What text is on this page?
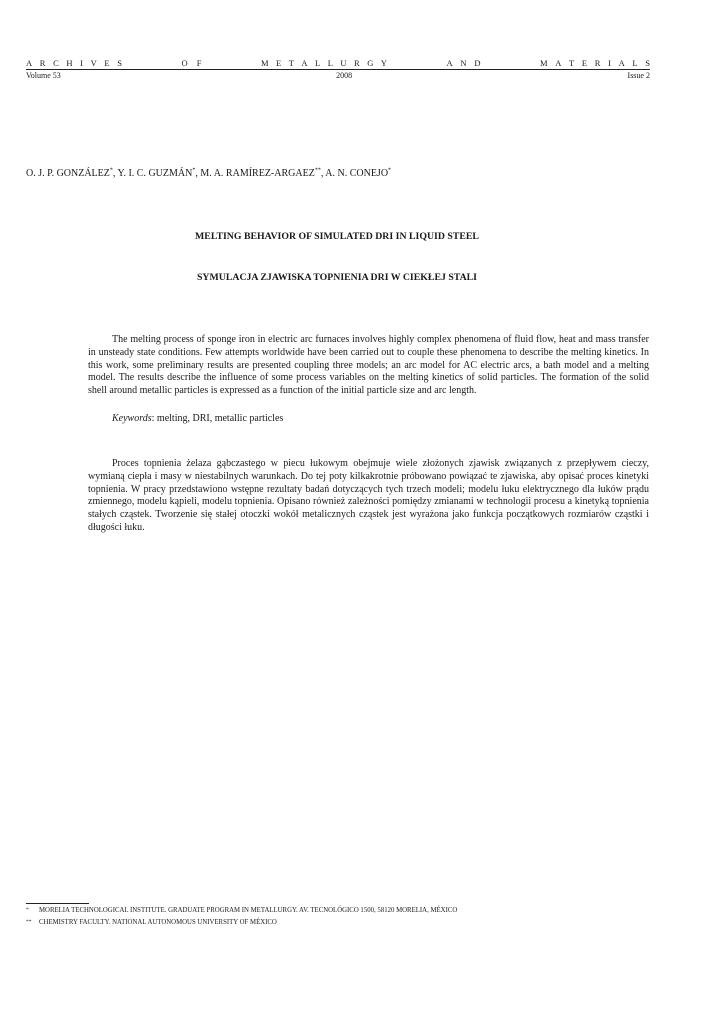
A R C H I V E S	O F	M E T A L L U R G Y	A N D	M A T E R I A L S
Volume 53	2008	Issue 2
O. J. P. GONZÁLEZ*, Y. I. C. GUZMÁN*, M. A. RAMÍREZ-ARGAEZ**, A. N. CONEJO*
MELTING BEHAVIOR OF SIMULATED DRI IN LIQUID STEEL
SYMULACJA ZJAWISKA TOPNIENIA DRI W CIEKŁEJ STALI

The melting process of sponge iron in electric arc furnaces involves highly complex phenomena of fluid flow, heat and mass transfer in unsteady state conditions. Few attempts worldwide have been carried out to couple these phenomena to describe the melting kinetics. In this work, some preliminary results are presented coupling three models; an arc model for AC electric arcs, a bath model and a melting model. The results describe the influence of some process variables on the melting kinetics of solid particles. The formation of the solid shell around metallic particles is expressed as a function of the initial particle size and arc length.

Keywords: melting, DRI, metallic particles

Proces topnienia żelaza gąbczastego w piecu łukowym obejmuje wiele złożonych zjawisk związanych z przepływem cieczy, wymianą ciepła i masy w niestabilnych warunkach. Do tej poty kilkakrotnie próbowano powiązać te zjawiska, aby opisać proces kinetyki topnienia. W pracy przedstawiono wstępne rezultaty badań dotyczących tych trzech modeli; modelu łuku elektrycznego dla łuków prądu zmiennego, modelu kąpieli, modelu topnienia. Opisano również zależności pomiędzy zmianami w technologii procesu a kinetyką topnienia stałych cząstek. Tworzenie się stałej otoczki wokół metalicznych cząstek jest wyrażona jako funkcja początkowych rozmiarów cząstki i długości łuku.

* MORELIA TECHNOLOGICAL INSTITUTE. GRADUATE PROGRAM IN METALLURGY. AV. TECNOLÓGICO 1500, 58120 MORELIA, MÉXICO
** CHEMISTRY FACULTY. NATIONAL AUTONOMOUS UNIVERSITY OF MÉXICO
